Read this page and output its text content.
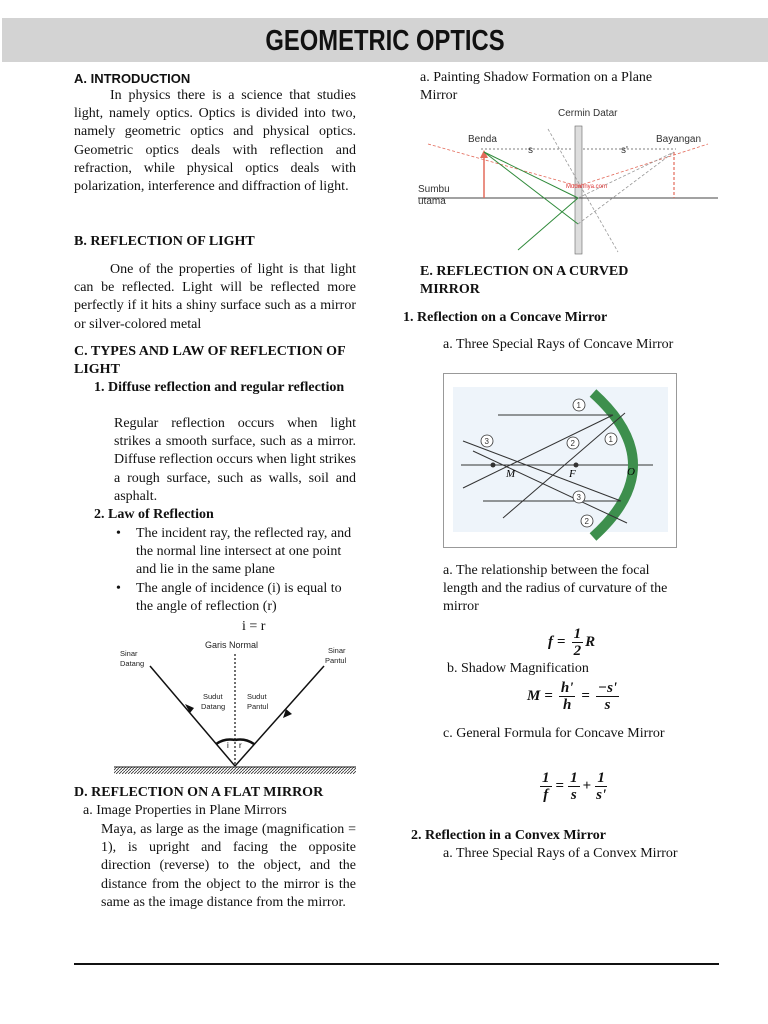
GEOMETRIC OPTICS
A. INTRODUCTION
In physics there is a science that studies light, namely optics. Optics is divided into two, namely geometric optics and physical optics. Geometric optics deals with reflection and refraction, while physical optics deals with polarization, interference and diffraction of light.
B. REFLECTION OF LIGHT
One of the properties of light is that light can be reflected. Light will be reflected more perfectly if it hits a shiny surface such as a mirror or silver-colored metal
C. TYPES AND LAW OF REFLECTION OF LIGHT
1. Diffuse reflection and regular reflection
Regular reflection occurs when light strikes a smooth surface, such as a mirror. Diffuse reflection occurs when light strikes a rough surface, such as walls, soil and asphalt.
2. Law of Reflection
• The incident ray, the reflected ray, and the normal line intersect at one point and lie in the same plane
• The angle of incidence (i) is equal to the angle of reflection (r)
i = r
Garis Normal
Sinar Datang
Sinar Pantul
i r
Sudut Datang
Sudut Pantul
D. REFLECTION ON A FLAT MIRROR
a. Image Properties in Plane Mirrors
Maya, as large as the image (magnification = 1), is upright and facing the opposite direction (reverse) to the object, and the distance from the object to the mirror is the same as the image distance from the mirror.
a. Painting Shadow Formation on a Plane Mirror
Cermin Datar
Benda	Bayangan
Sumbu utama
s	s'
Mudahnya.com
E. REFLECTION ON A CURVED MIRROR
1. Reflection on a Concave Mirror
a. Three Special Rays of Concave Mirror
M	F	O
1
1
2
2
3
3
a. The relationship between the focal length and the radius of curvature of the mirror
$f = \frac{1}{2}$ R
b. Shadow Magnification
$M = \frac{h'}{h} = \frac{-s'}{s}$
c. General Formula for Concave Mirror
$\frac{1}{f} = \frac{1}{s} + \frac{1}{s'}$
2. Reflection in a Convex Mirror
a. Three Special Rays of a Convex Mirror
